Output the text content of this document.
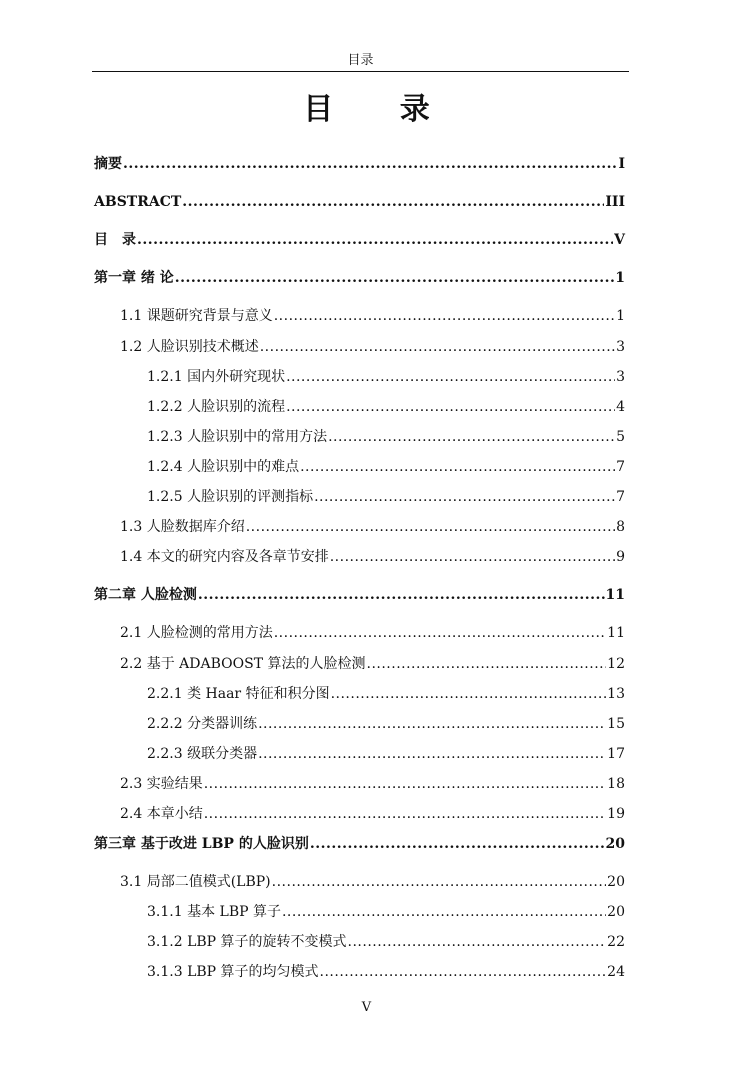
目录
目 录
摘要 .....	I
ABSTRACT .....	III
目　录 .....	V
第一章 绪 论 .....	1
1.1 课题研究背景与意义 .....	1
1.2 人脸识别技术概述 .....	3
1.2.1 国内外研究现状 .....	3
1.2.2 人脸识别的流程 .....	4
1.2.3 人脸识别中的常用方法 .....	5
1.2.4 人脸识别中的难点 .....	7
1.2.5 人脸识别的评测指标 .....	7
1.3 人脸数据库介绍 .....	8
1.4 本文的研究内容及各章节安排 .....	9
第二章 人脸检测 .....	11
2.1 人脸检测的常用方法 .....	11
2.2 基于 ADABOOST 算法的人脸检测 .....	12
2.2.1 类 Haar 特征和积分图 .....	13
2.2.2 分类器训练 .....	15
2.2.3 级联分类器 .....	17
2.3 实验结果 .....	18
2.4 本章小结 .....	19
第三章 基于改进 LBP 的人脸识别 .....	20
3.1 局部二值模式(LBP) .....	20
3.1.1 基本 LBP 算子 .....	20
3.1.2 LBP 算子的旋转不变模式 .....	22
3.1.3 LBP 算子的均匀模式 .....	24
V
